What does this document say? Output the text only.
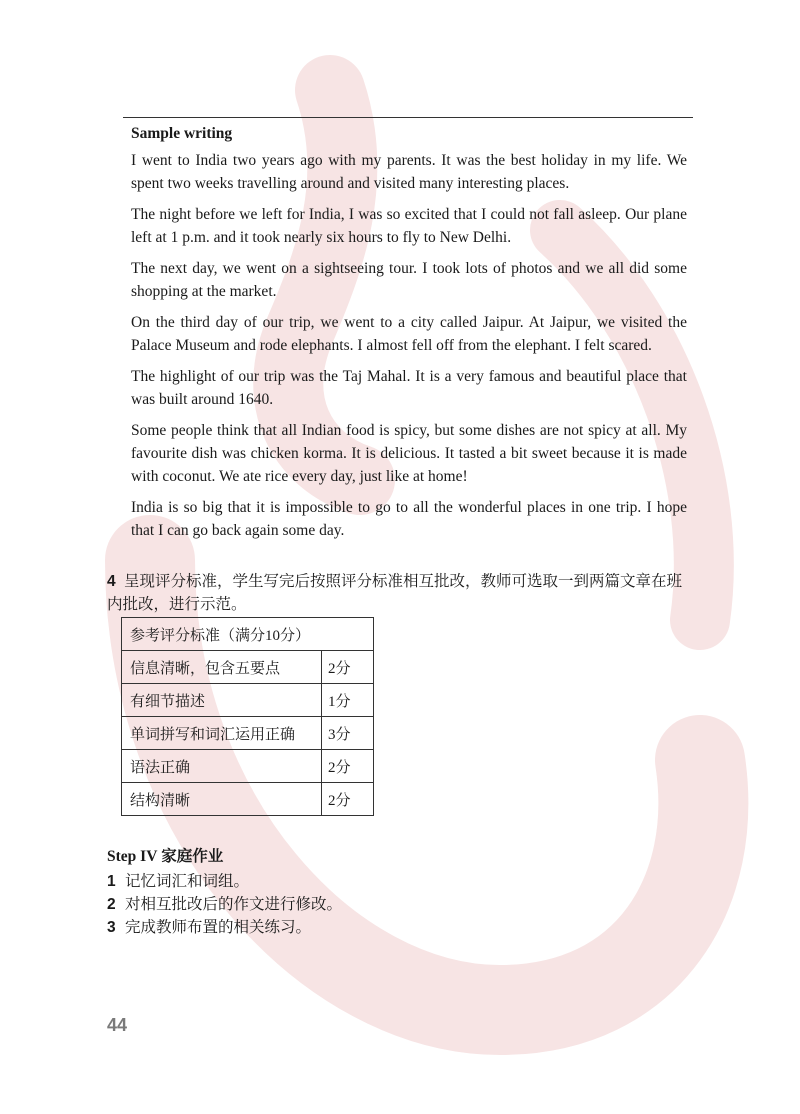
Sample writing

I went to India two years ago with my parents. It was the best holiday in my life. We spent two weeks travelling around and visited many interesting places.

The night before we left for India, I was so excited that I could not fall asleep. Our plane left at 1 p.m. and it took nearly six hours to fly to New Delhi.

The next day, we went on a sightseeing tour. I took lots of photos and we all did some shopping at the market.

On the third day of our trip, we went to a city called Jaipur. At Jaipur, we visited the Palace Museum and rode elephants. I almost fell off from the elephant. I felt scared.

The highlight of our trip was the Taj Mahal. It is a very famous and beautiful place that was built around 1640.

Some people think that all Indian food is spicy, but some dishes are not spicy at all. My favourite dish was chicken korma. It is delicious. It tasted a bit sweet because it is made with coconut. We ate rice every day, just like at home!

India is so big that it is impossible to go to all the wonderful places in one trip. I hope that I can go back again some day.

4 呈现评分标准，学生写完后按照评分标准相互批改，教师可选取一到两篇文章在班内批改，进行示范。
参考评分标准（满分10分）	
信息清晰，包含五要点	2分
有细节描述	1分
单词拼写和词汇运用正确	3分
语法正确	2分
结构清晰	2分
Step IV 家庭作业
1 记忆词汇和词组。
2 对相互批改后的作文进行修改。
3 完成教师布置的相关练习。
44
